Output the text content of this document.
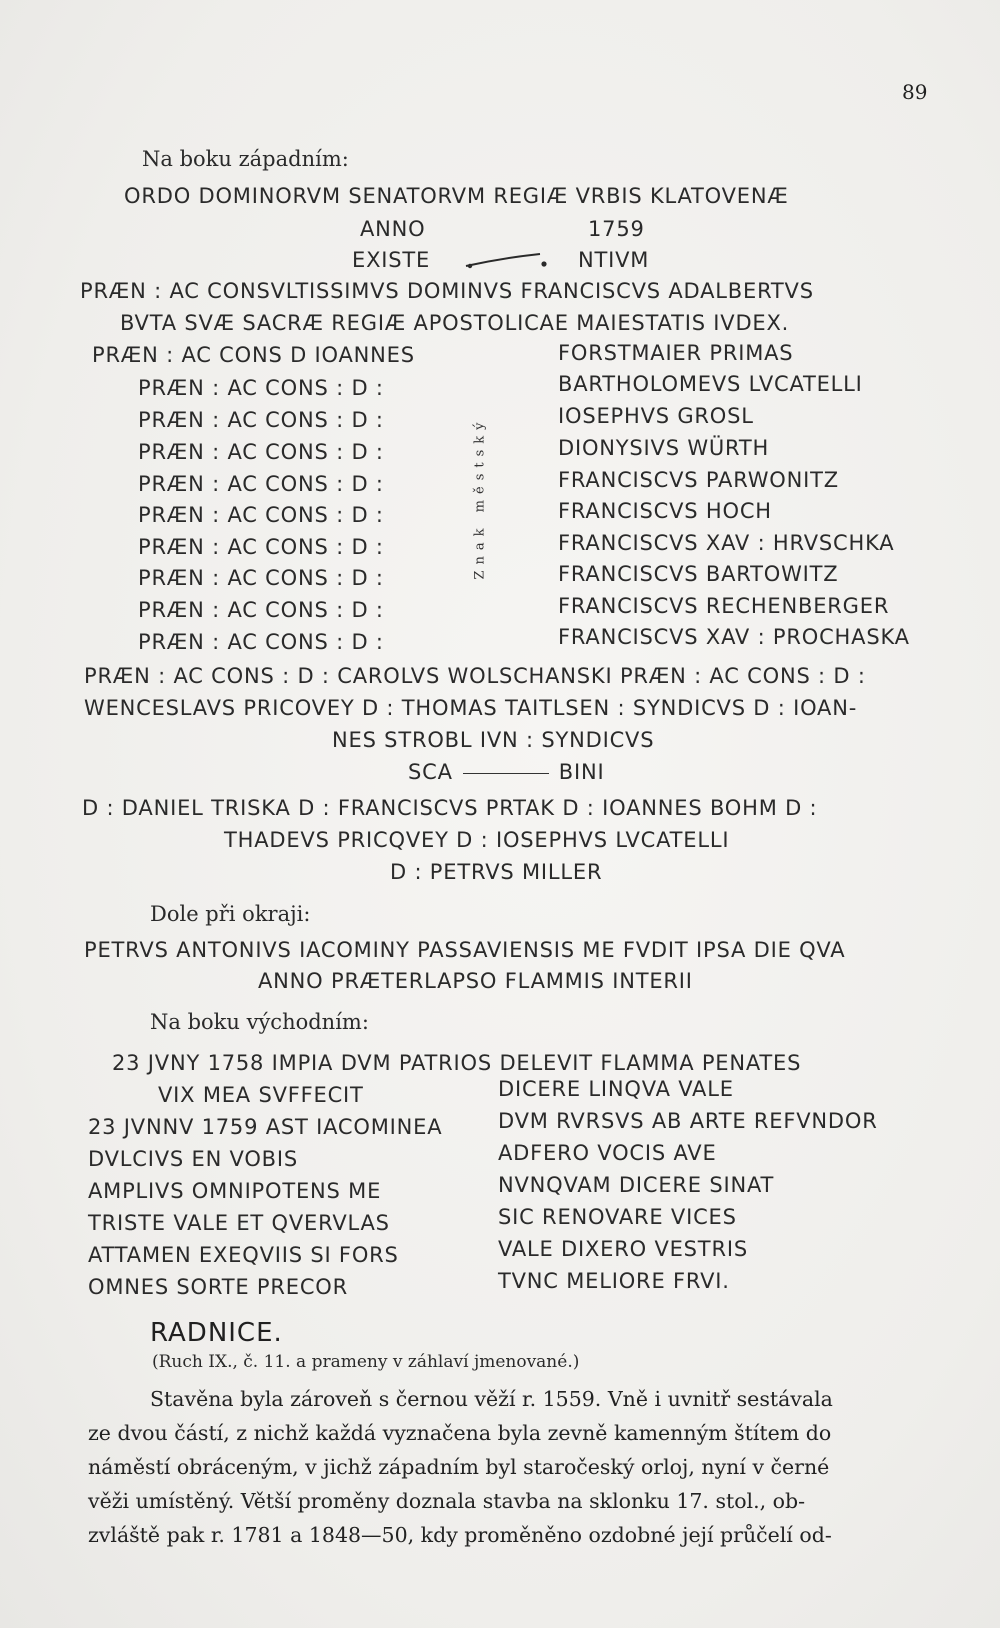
89
Na boku západním:
ORDO DOMINORVM SENATORVM REGIÆ VRBIS KLATOVENÆ
ANNO	1759
EXISTE	NTIVM
PRÆN : AC CONSVLTISSIMVS DOMINVS FRANCISCVS ADALBERTVS
BVTA SVÆ SACRÆ REGIÆ APOSTOLICAE MAIESTATIS IVDEX.
PRÆN : AC CONS D IOANNES	FORSTMAIER PRIMAS
PRÆN : AC CONS : D :	BARTHOLOMEVS LVCATELLI
PRÆN : AC CONS : D :	IOSEPHVS GROSL
PRÆN : AC CONS : D :	DIONYSIVS WÜRTH
PRÆN : AC CONS : D :	FRANCISCVS PARWONITZ
PRÆN : AC CONS : D :	FRANCISCVS HOCH
PRÆN : AC CONS : D :	FRANCISCVS XAV : HRVSCHKA
PRÆN : AC CONS : D :	FRANCISCVS BARTOWITZ
PRÆN : AC CONS : D :	FRANCISCVS RECHENBERGER
PRÆN : AC CONS : D :	FRANCISCVS XAV : PROCHASKA
Znak městský
PRÆN : AC CONS : D : CAROLVS WOLSCHANSKI PRÆN : AC CONS : D :
WENCESLAVS PRICOVEY D : THOMAS TAITLSEN : SYNDICVS D : IOAN-
NES STROBL IVN : SYNDICVS
SCA	BINI
D : DANIEL TRISKA D : FRANCISCVS PRTAK D : IOANNES BOHM D :
THADEVS PRICQVEY D : IOSEPHVS LVCATELLI
D : PETRVS MILLER
Dole při okraji:
PETRVS ANTONIVS IACOMINY PASSAVIENSIS ME FVDIT IPSA DIE QVA
ANNO PRÆTERLAPSO FLAMMIS INTERII
Na boku východním:
23 JVNY 1758 IMPIA DVM PATRIOS DELEVIT FLAMMA PENATES
VIX MEA SVFFECIT	DICERE LINQVA VALE
23 JVNNV 1759 AST IACOMINEA	DVM RVRSVS AB ARTE REFVNDOR
DVLCIVS EN VOBIS	ADFERO VOCIS AVE
AMPLIVS OMNIPOTENS ME	NVNQVAM DICERE SINAT
TRISTE VALE ET QVERVLAS	SIC RENOVARE VICES
ATTAMEN EXEQVIIS SI FORS	VALE DIXERO VESTRIS
OMNES SORTE PRECOR	TVNC MELIORE FRVI.
RADNICE.
(Ruch IX., č. 11. a prameny v záhlaví jmenované.)

Stavěna byla zároveň s černou věží r. 1559. Vně i uvnitř sestávala

ze dvou částí, z nichž každá vyznačena byla zevně kamenným štítem do

náměstí obráceným, v jichž západním byl staročeský orloj, nyní v černé

věži umístěný. Větší proměny doznala stavba na sklonku 17. stol., ob-

zvláště pak r. 1781 a 1848—50, kdy proměněno ozdobné její průčelí od-
